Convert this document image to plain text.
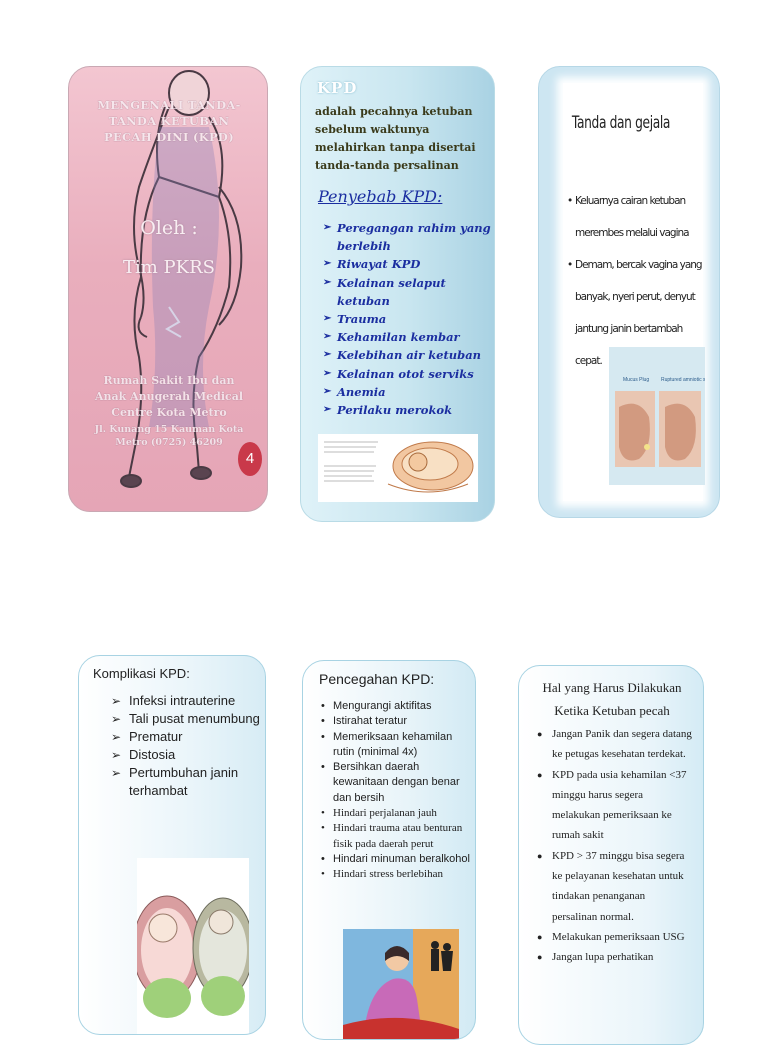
MENGENALI TANDA-TANDA KETUBAN PECAH DINI (KPD)
Oleh :
Tim PKRS
Rumah Sakit Ibu dan Anak Anugerah Medical Centre Kota Metro
Jl. Kunang 15 Kauman Kota Metro (0725) 46209
4
KPD
adalah pecahnya ketuban sebelum waktunya melahirkan tanpa disertai tanda-tanda persalinan
Penyebab KPD:
➢ Peregangan rahim yang berlebih
➢ Riwayat KPD
➢ Kelainan selaput ketuban
➢ Trauma
➢ Kehamilan kembar
➢ Kelebihan air ketuban
➢ Kelainan otot serviks
➢ Anemia
➢ Perilaku merokok
Tanda dan gejala
• Keluarnya cairan ketuban merembes melalui vagina
• Demam, bercak vagina yang banyak, nyeri perut, denyut jantung janin bertambah cepat.
Mucus Plug Ruptured amniotic s
Komplikasi KPD:
➢ Infeksi intrauterine
➢ Tali pusat menumbung
➢ Prematur
➢ Distosia
➢ Pertumbuhan janin terhambat
Pencegahan KPD:
• Mengurangi aktifitas
• Istirahat teratur
• Memeriksaan kehamilan rutin (minimal 4x)
• Bersihkan daerah kewanitaan dengan benar dan bersih
• Hindari perjalanan jauh
• Hindari trauma atau benturan fisik pada daerah perut
• Hindari minuman beralkohol
• Hindari stress berlebihan
Hal yang Harus Dilakukan Ketika Ketuban pecah
● Jangan Panik dan segera datang ke petugas kesehatan terdekat.
● KPD pada usia kehamilan <37 minggu harus segera melakukan pemeriksaan ke rumah sakit
● KPD > 37 minggu bisa segera ke pelayanan kesehatan untuk tindakan penanganan persalinan normal.
● Melakukan pemeriksaan USG
● Jangan lupa perhatikan
